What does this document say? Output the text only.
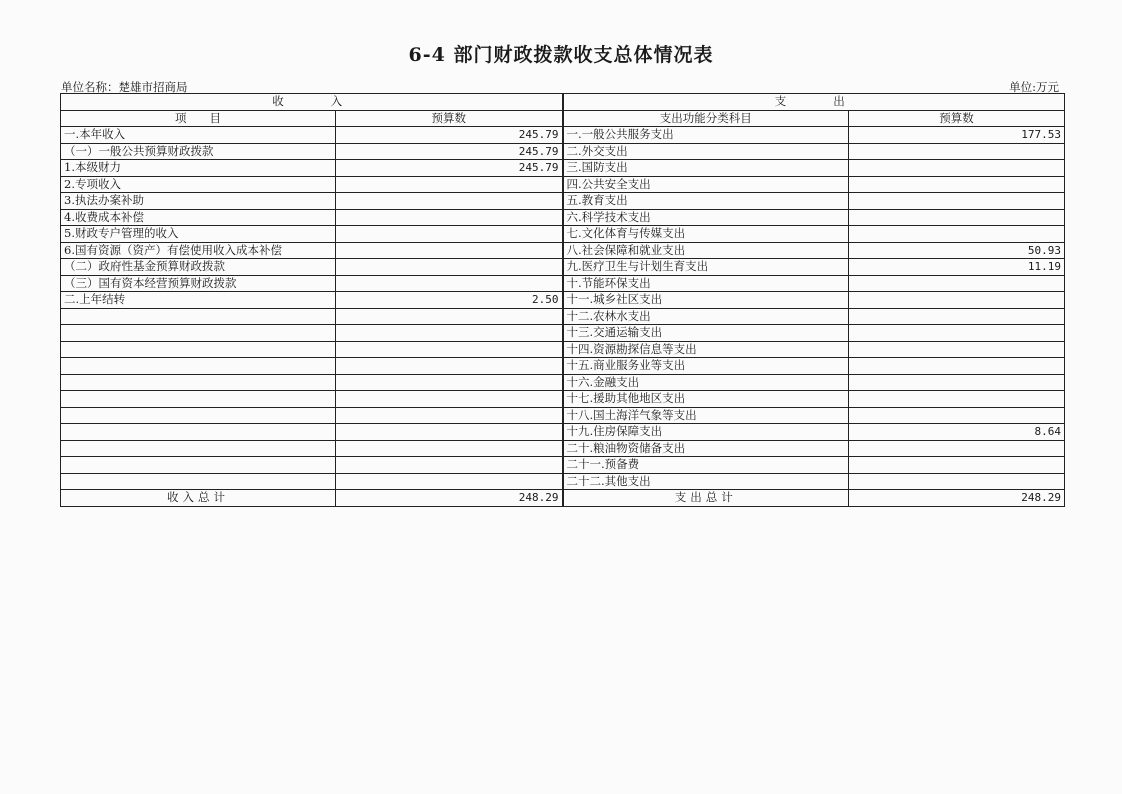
6-4 部门财政拨款收支总体情况表
单位名称：楚雄市招商局	单位:万元
收　　入		支　　出	
项　　目	预算数	支出功能分类科目	预算数
一.本年收入	245.79	一.一般公共服务支出	177.53
（一）一般公共预算财政拨款	245.79	二.外交支出	
1.本级财力	245.79	三.国防支出	
2.专项收入		四.公共安全支出	
3.执法办案补助		五.教育支出	
4.收费成本补偿		六.科学技术支出	
5.财政专户管理的收入		七.文化体育与传媒支出	
6.国有资源（资产）有偿使用收入成本补偿		八.社会保障和就业支出	50.93
（二）政府性基金预算财政拨款		九.医疗卫生与计划生育支出	11.19
（三）国有资本经营预算财政拨款		十.节能环保支出	
二.上年结转	2.50	十一.城乡社区支出	
		十二.农林水支出	
		十三.交通运输支出	
		十四.资源勘探信息等支出	
		十五.商业服务业等支出	
		十六.金融支出	
		十七.援助其他地区支出	
		十八.国土海洋气象等支出	
		十九.住房保障支出	8.64
		二十.粮油物资储备支出	
		二十一.预备费	
		二十二.其他支出	
收入总计	248.29	支出总计	248.29
